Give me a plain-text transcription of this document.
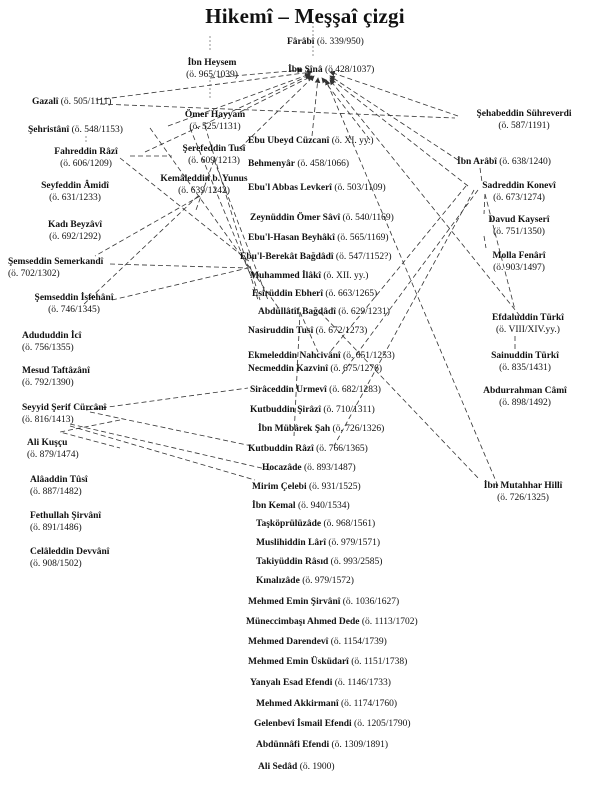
Hikemî – Meşşaî çizgi
Fârâbî (ö. 339/950)
İbn Sînâ (ö.428/1037)
İbn Heysem
(ö. 965/1039)
Gazalî (ö. 505/1111)
Ömer Hayyam
(ö. 525/1131)
Şehristânî (ö. 548/1153)
Fahreddin Râzî
(ö. 606/1209)
Şerefeddin Tusî
(ö. 609/1213)
Ebu Ubeyd Cüzcanî (ö. XI. yy.)
Behmenyâr (ö. 458/1066)
Seyfeddin Âmidî
(ö. 631/1233)
Kemâleddin b. Yunus
(ö. 639/1242)	Ebu'l Abbas Levkerî (ö. 503/1109)
Kadı Beyzâvî
(ö. 692/1292)
Zeynüddin Ömer Sâvî (ö. 540/1169)
Ebu'l-Hasan Beyhâkî (ö. 565/1169)
Ebu'l-Berekât Bağdâdî (ö. 547/1152?)
Şemseddin Semerkandî
(ö. 702/1302)	Muhammed İlâkî (ö. XII. yy.)
Şemseddin İsfehânî
(ö. 746/1345)
Esirüddin Ebherî (ö. 663/1265)
Abdüllâtîf Bağdâdî (ö. 629/1231)
Nasiruddin Tusî (ö. 672/1273)
Adududdin İcî
(ö. 756/1355)
Ekmeleddin Nahcivânî (ö. 651/1253)
Necmeddin Kazvinî (ö. 675/1276)
Mesud Taftâzânî
(ö. 792/1390)
Sirâceddin Urmevî (ö. 682/1283)
Seyyid Şerif Cürcânî
(ö. 816/1413)
Kutbuddin Şirâzî (ö. 710/1311)
İbn Mübârek Şah (ö. 726/1326)
Ali Kuşçu
(ö. 879/1474)
Kutbuddin Râzî (ö. 766/1365)
Hocazâde (ö. 893/1487)
Alâaddin Tûsî
(ö. 887/1482)	Mirim Çelebi (ö. 931/1525)
İbn Kemal (ö. 940/1534)
Fethullah Şirvânî
(ö. 891/1486)	Taşköprülüzâde (ö. 968/1561)
Muslihiddin Lârî (ö. 979/1571)
Celâleddin Devvânî
(ö. 908/1502)	Takiyüddin Râsıd (ö. 993/2585)
Kınalızâde (ö. 979/1572)
Mehmed Emin Şirvânî (ö. 1036/1627)
Müneccimbaşı Ahmed Dede (ö. 1113/1702)
Mehmed Darendevî (ö. 1154/1739)
Mehmed Emin Üsküdarî (ö. 1151/1738)
Yanyalı Esad Efendi (ö. 1146/1733)
Mehmed Akkirmanî (ö. 1174/1760)
Gelenbevî İsmail Efendi (ö. 1205/1790)
Abdünnâfi Efendi (ö. 1309/1891)
Ali Sedâd (ö. 1900)
Şehabeddin Sühreverdi
(ö. 587/1191)
İbn Arâbî (ö. 638/1240)
Sadreddin Konevî
(ö. 673/1274)
Davud Kayserî
(ö. 751/1350)
Molla Fenârî
(ö. 903/1497)
Efdaluddin Türkî
(ö. VIII/XIV.yy.)
Sainuddin Türkî
(ö. 835/1431)
Abdurrahman Câmî
(ö. 898/1492)
İbn Mutahhar Hillî
(ö. 726/1325)
